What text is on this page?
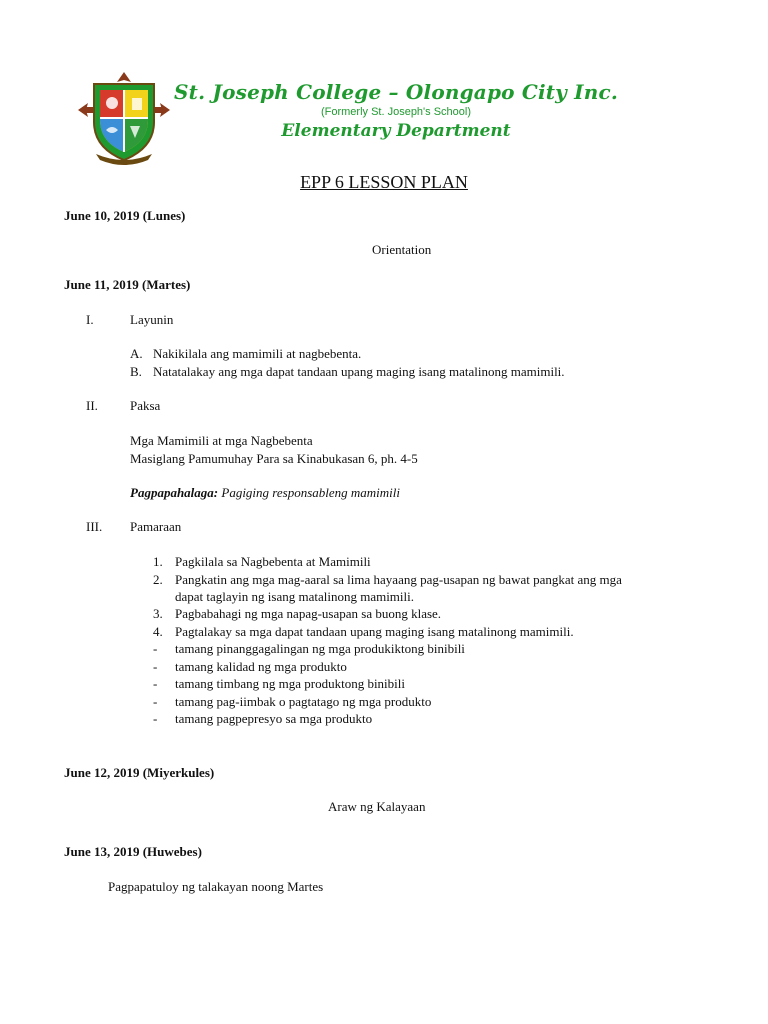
St. Joseph College – Olongapo City Inc.
(Formerly St. Joseph's School)
Elementary Department
EPP 6 LESSON PLAN
June 10, 2019 (Lunes)
Orientation
June 11, 2019 (Martes)
I.	Layunin
A. Nakikilala ang mamimili at nagbebenta.
B. Natatalakay ang mga dapat tandaan upang maging isang matalinong mamimili.
II. Paksa
Mga Mamimili at mga Nagbebenta
Masiglang Pamumuhay Para sa Kinabukasan 6, ph. 4-5
Pagpapahalaga: Pagiging responsableng mamimili
III. Pamaraan
1. Pagkilala sa Nagbebenta at Mamimili
2. Pangkatin ang mga mag-aaral sa lima hayaang pag-usapan ng bawat pangkat ang mga
dapat taglayin ng isang matalinong mamimili.
3. Pagbabahagi ng mga napag-usapan sa buong klase.
4. Pagtalakay sa mga dapat tandaan upang maging isang matalinong mamimili.
- tamang pinanggagalingan ng mga produkiktong binibili
- tamang kalidad ng mga produkto
- tamang timbang ng mga produktong binibili
- tamang pag-iimbak o pagtatago ng mga produkto
- tamang pagpepresyo sa mga produkto
June 12, 2019 (Miyerkules)
Araw ng Kalayaan
June 13, 2019 (Huwebes)
Pagpapatuloy ng talakayan noong Martes
